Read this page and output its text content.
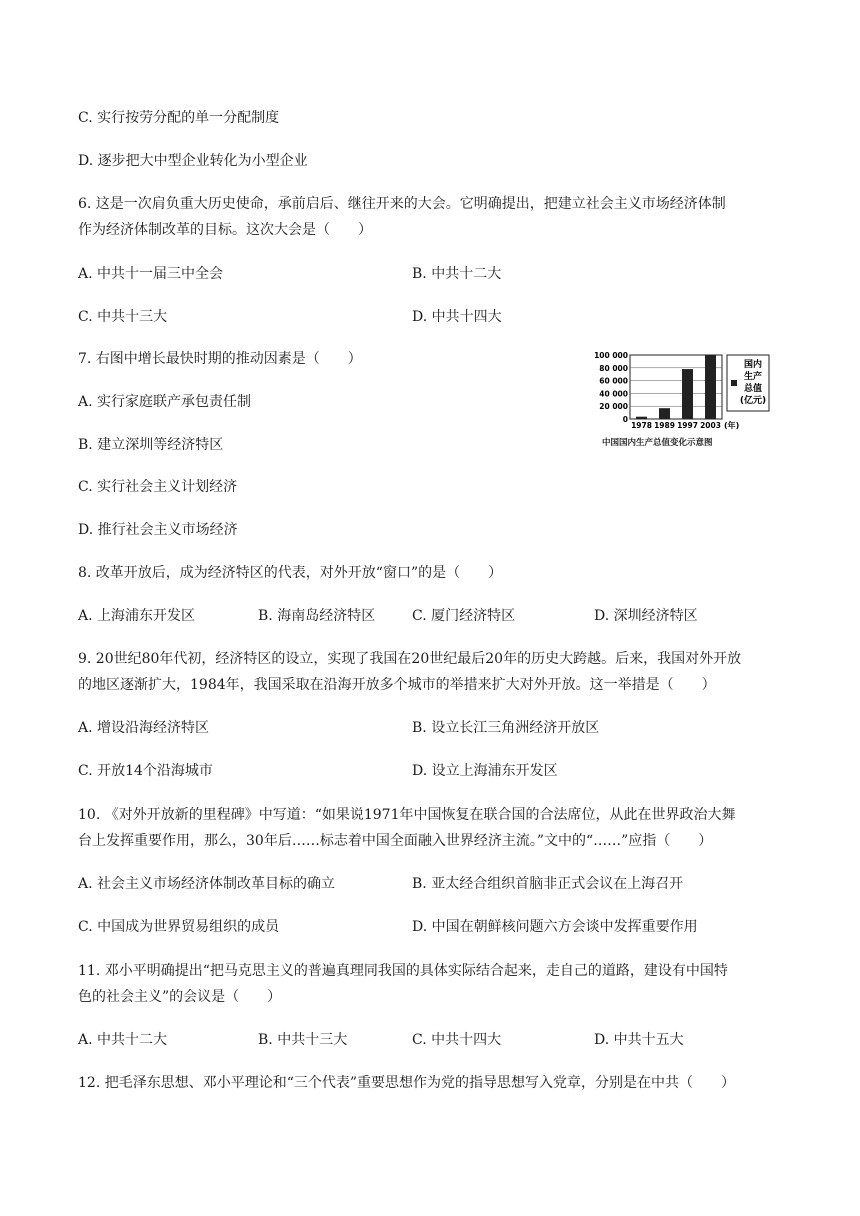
C. 实行按劳分配的单一分配制度
D. 逐步把大中型企业转化为小型企业
6. 这是一次肩负重大历史使命，承前启后、继往开来的大会。它明确提出，把建立社会主义市场经济体制
作为经济体制改革的目标。这次大会是（　　）
A. 中共十一届三中全会	B. 中共十二大
C. 中共十三大	D. 中共十四大
7. 右图中增长最快时期的推动因素是（　　）
A. 实行家庭联产承包责任制
B. 建立深圳等经济特区
C. 实行社会主义计划经济
D. 推行社会主义市场经济
100 000
80 000
60 000
40 000
20 000
0
1978 1989 1997 2003 (年)
国内
生产
总值
(亿元)
中国国内生产总值变化示意图
8. 改革开放后，成为经济特区的代表，对外开放“窗口”的是（　　）
A. 上海浦东开发区	B. 海南岛经济特区	C. 厦门经济特区	D. 深圳经济特区
9. 20世纪80年代初，经济特区的设立，实现了我国在20世纪最后20年的历史大跨越。后来，我国对外开放
的地区逐渐扩大，1984年，我国采取在沿海开放多个城市的举措来扩大对外开放。这一举措是（　　）
A. 增设沿海经济特区	B. 设立长江三角洲经济开放区
C. 开放14个沿海城市	D. 设立上海浦东开发区
10. 《对外开放新的里程碑》中写道：“如果说1971年中国恢复在联合国的合法席位，从此在世界政治大舞
台上发挥重要作用，那么，30年后……标志着中国全面融入世界经济主流。”文中的“……”应指（　　）
A. 社会主义市场经济体制改革目标的确立	B. 亚太经合组织首脑非正式会议在上海召开
C. 中国成为世界贸易组织的成员	D. 中国在朝鲜核问题六方会谈中发挥重要作用
11. 邓小平明确提出“把马克思主义的普遍真理同我国的具体实际结合起来，走自己的道路，建设有中国特
色的社会主义”的会议是（　　）
A. 中共十二大	B. 中共十三大	C. 中共十四大	D. 中共十五大
12. 把毛泽东思想、邓小平理论和“三个代表”重要思想作为党的指导思想写入党章，分别是在中共（　　）
